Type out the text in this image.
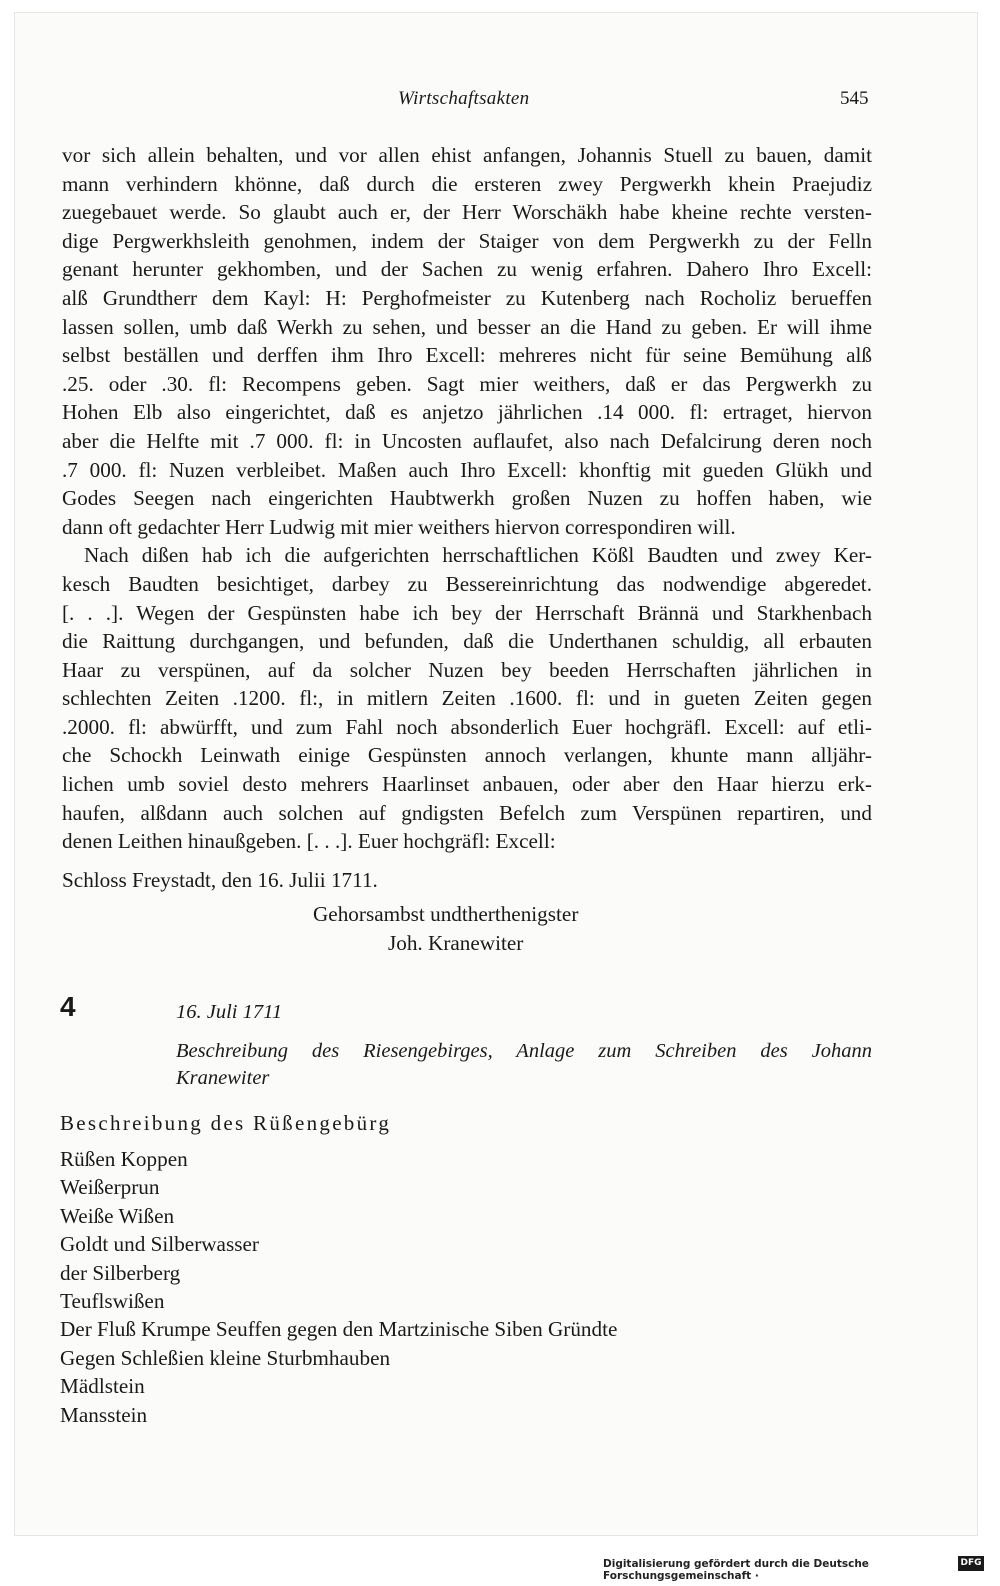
Wirtschaftsakten	545
vor sich allein behalten, und vor allen ehist anfangen, Johannis Stuell zu bauen, damit
mann verhindern khönne, daß durch die ersteren zwey Pergwerkh khein Praejudiz
zuegebauet werde. So glaubt auch er, der Herr Worschäkh habe kheine rechte versten-
dige Pergwerkhsleith genohmen, indem der Staiger von dem Pergwerkh zu der Felln
genant herunter gekhomben, und der Sachen zu wenig erfahren. Dahero Ihro Excell:
alß Grundtherr dem Kayl: H: Perghofmeister zu Kutenberg nach Rocholiz berueffen
lassen sollen, umb daß Werkh zu sehen, und besser an die Hand zu geben. Er will ihme
selbst beställen und derffen ihm Ihro Excell: mehreres nicht für seine Bemühung alß
.25. oder .30. fl: Recompens geben. Sagt mier weithers, daß er das Pergwerkh zu
Hohen Elb also eingerichtet, daß es anjetzo jährlichen .14 000. fl: ertraget, hiervon
aber die Helfte mit .7 000. fl: in Uncosten auflaufet, also nach Defalcirung deren noch
.7 000. fl: Nuzen verbleibet. Maßen auch Ihro Excell: khonftig mit gueden Glükh und
Godes Seegen nach eingerichten Haubtwerkh großen Nuzen zu hoffen haben, wie
dann oft gedachter Herr Ludwig mit mier weithers hiervon correspondiren will.
Nach dißen hab ich die aufgerichten herrschaftlichen Kößl Baudten und zwey Ker-
kesch Baudten besichtiget, darbey zu Bessereinrichtung das nodwendige abgeredet.
[. . .]. Wegen der Gespünsten habe ich bey der Herrschaft Brännä und Starkhenbach
die Raittung durchgangen, und befunden, daß die Underthanen schuldig, all erbauten
Haar zu verspünen, auf da solcher Nuzen bey beeden Herrschaften jährlichen in
schlechten Zeiten .1200. fl:, in mitlern Zeiten .1600. fl: und in gueten Zeiten gegen
.2000. fl: abwürfft, und zum Fahl noch absonderlich Euer hochgräfl. Excell: auf etli-
che Schockh Leinwath einige Gespünsten annoch verlangen, khunte mann alljähr-
lichen umb soviel desto mehrers Haarlinset anbauen, oder aber den Haar hierzu erk-
haufen, alßdann auch solchen auf gndigsten Befelch zum Verspünen repartiren, und
denen Leithen hinaußgeben. [. . .]. Euer hochgräfl: Excell:
Schloss Freystadt, den 16. Julii 1711.
Gehorsambst undtherthenigster
Joh. Kranewiter
4	16. Juli 1711
Beschreibung des Riesengebirges, Anlage zum Schreiben des Johann
Kranewiter
Beschreibung des Rüßengebürg
Rüßen Koppen
Weißerprun
Weiße Wißen
Goldt und Silberwasser
der Silberberg
Teuflswißen
Der Fluß Krumpe Seuffen gegen den Martzinische Siben Gründte
Gegen Schleßien kleine Sturbmhauben
Mädlstein
Mansstein
Digitalisierung gefördert durch die Deutsche Forschungsgemeinschaft ·
DFG
